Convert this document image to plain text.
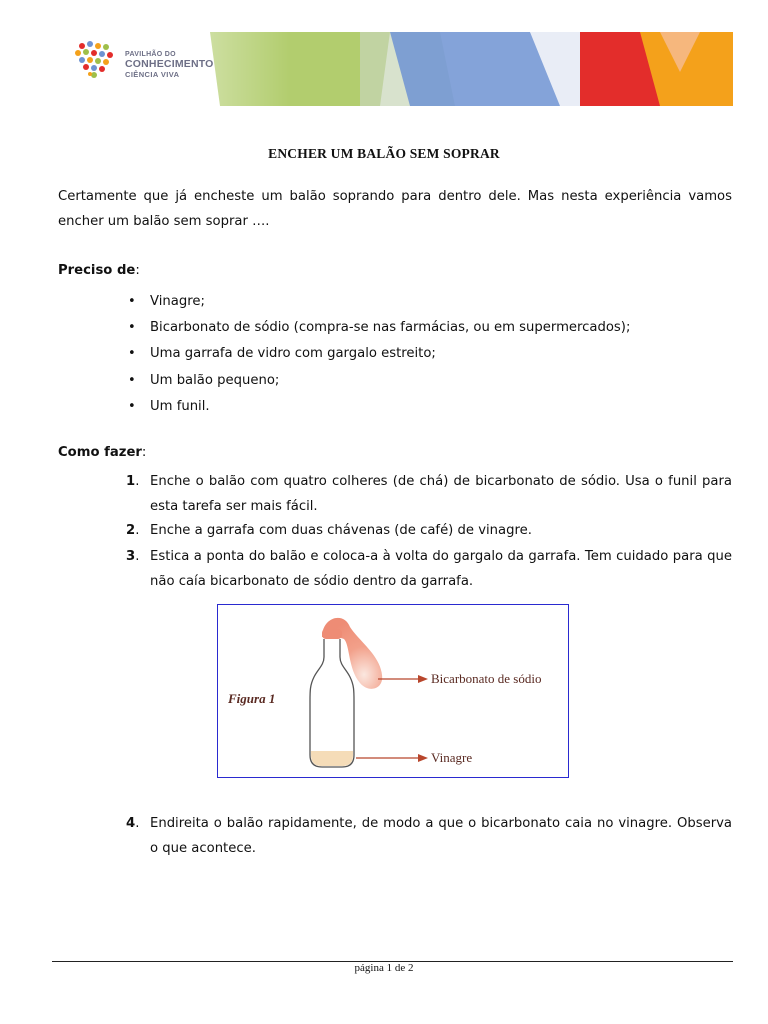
PAVILHÃO DO
CONHECIMENTO
CIÊNCIA VIVA
ENCHER UM BALÃO SEM SOPRAR
Certamente que já encheste um balão soprando para dentro dele. Mas nesta experiência vamos encher um balão sem soprar ….
Preciso de:
• Vinagre;
• Bicarbonato de sódio (compra-se nas farmácias, ou em supermercados);
• Uma garrafa de vidro com gargalo estreito;
• Um balão pequeno;
• Um funil.
Como fazer:
1. Enche o balão com quatro colheres (de chá) de bicarbonato de sódio. Usa o funil para esta tarefa ser mais fácil.
2. Enche a garrafa com duas chávenas (de café) de vinagre.
3. Estica a ponta do balão e coloca-a à volta do gargalo da garrafa. Tem cuidado para que não caía bicarbonato de sódio dentro da garrafa.
Figura 1
Bicarbonato de sódio
Vinagre
4. Endireita o balão rapidamente, de modo a que o bicarbonato caia no vinagre. Observa o que acontece.
página 1 de 2
